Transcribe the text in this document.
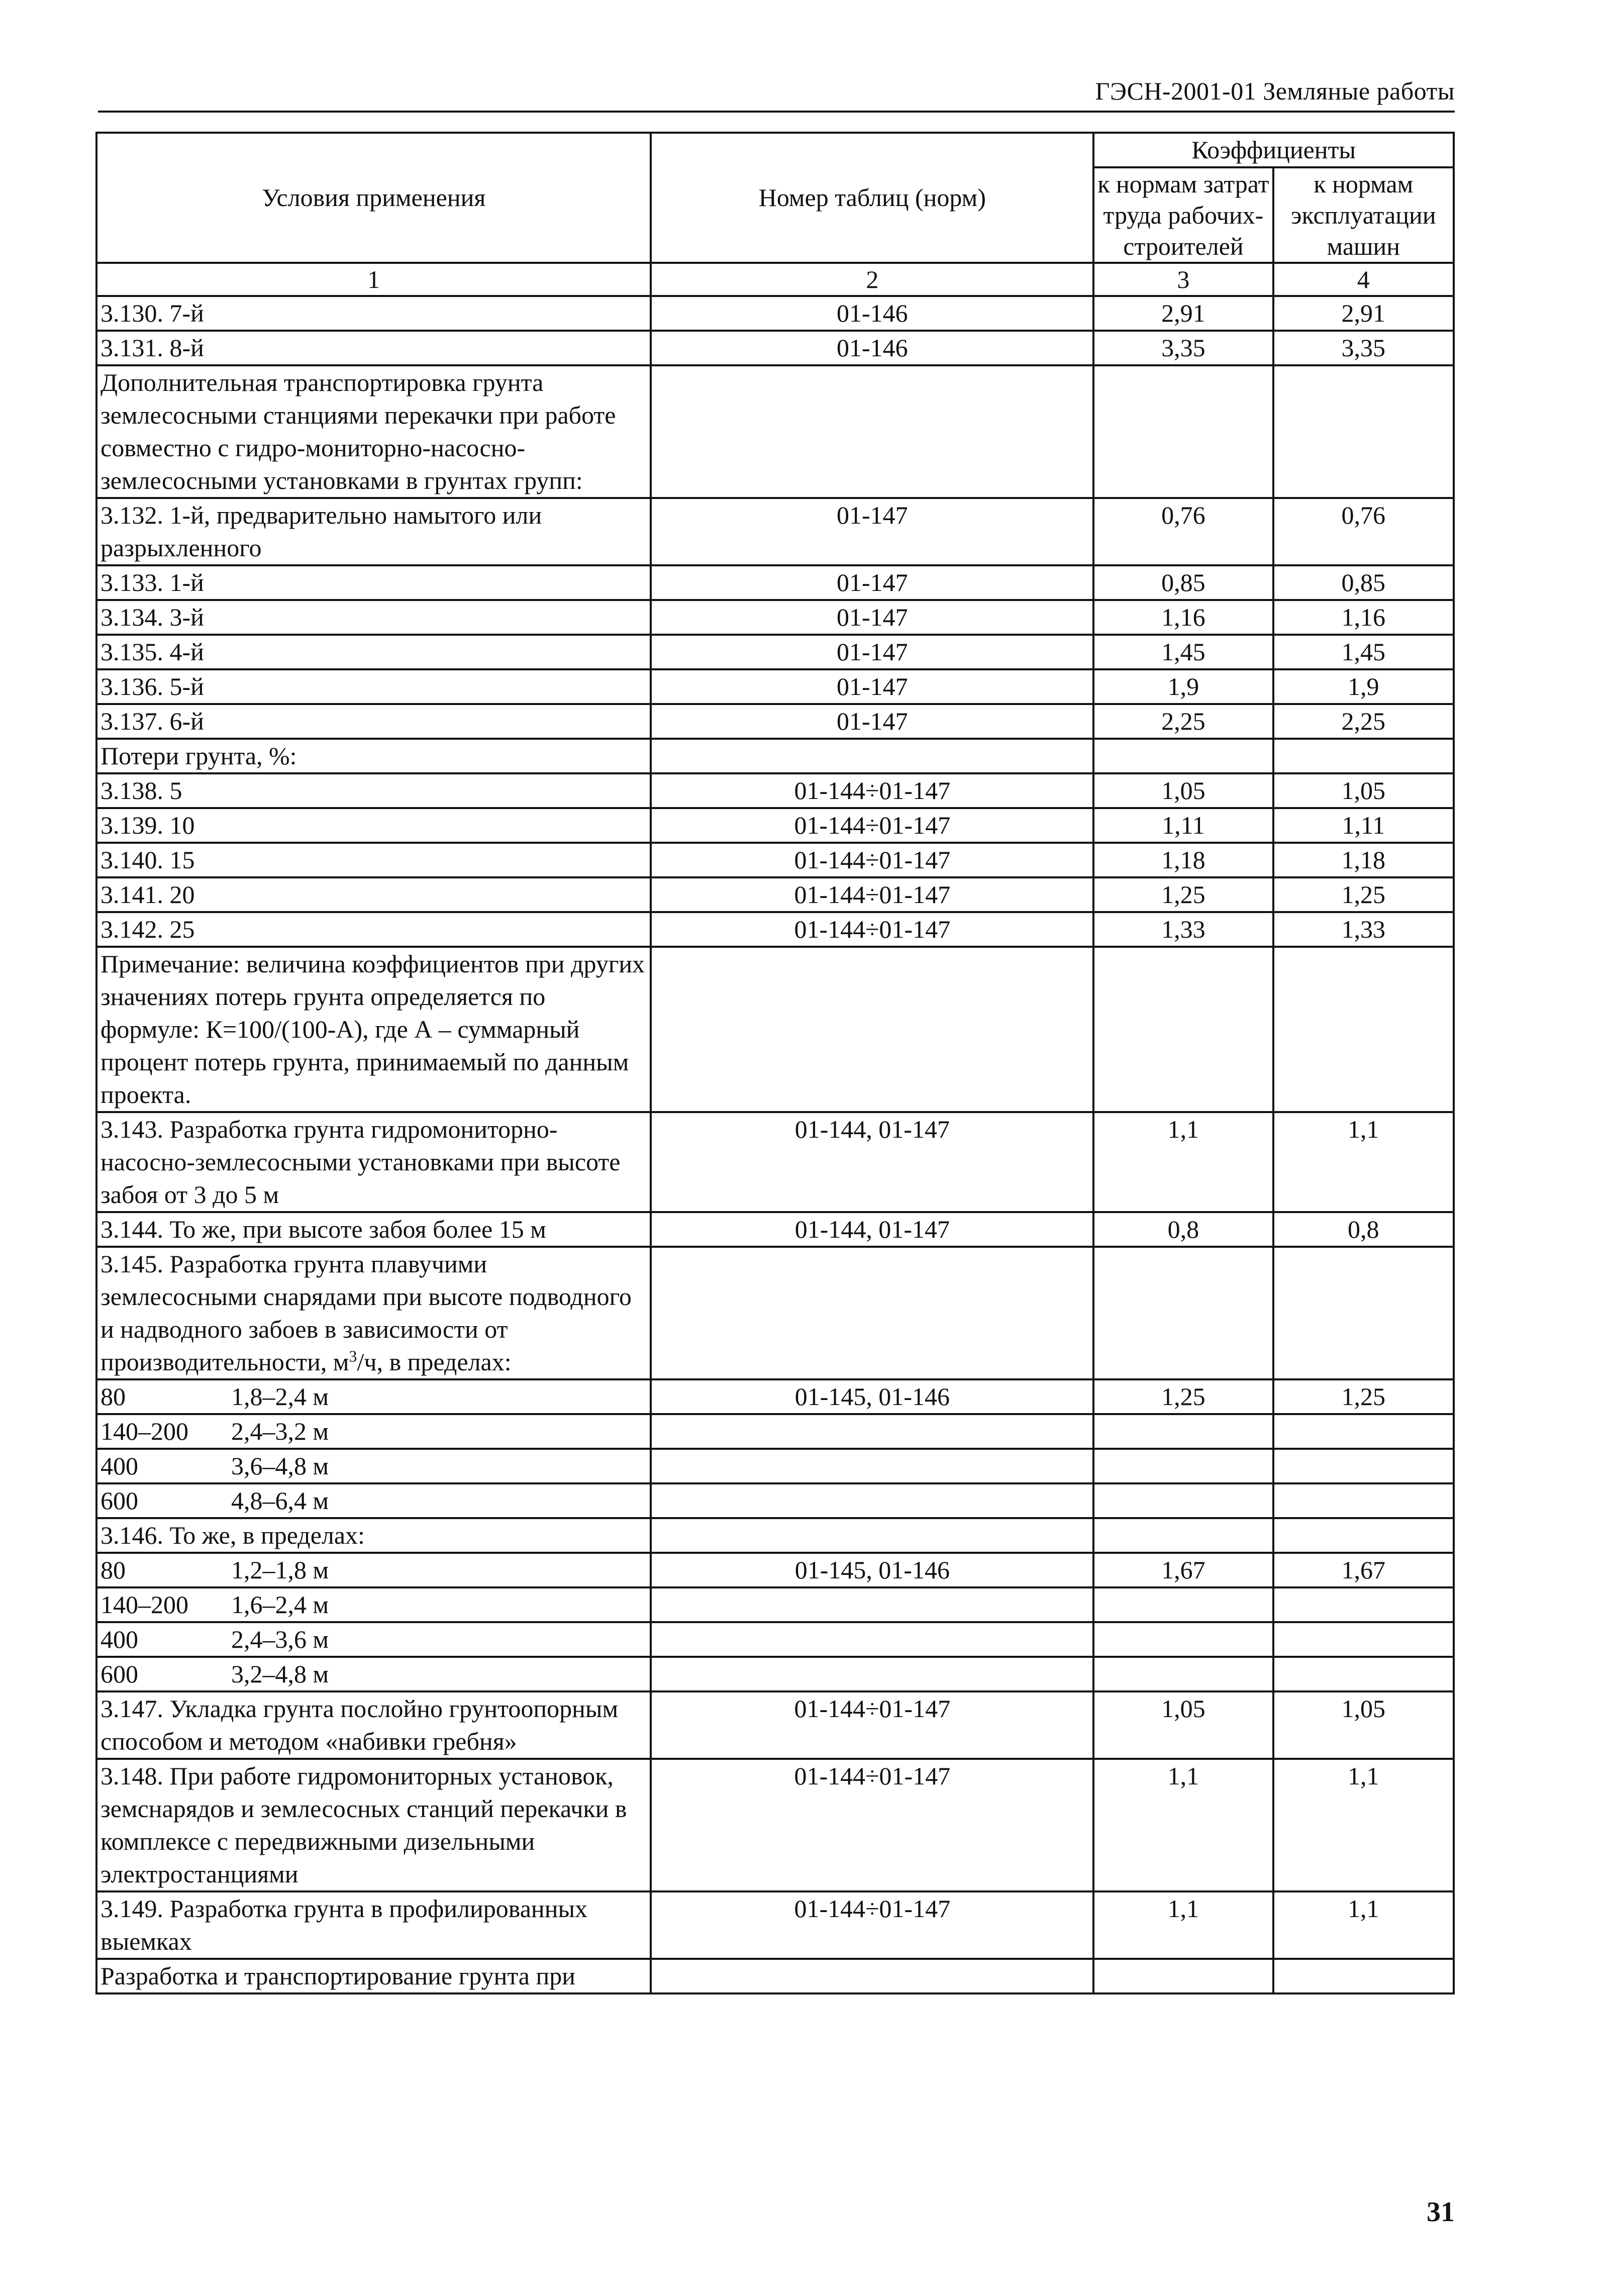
ГЭСН-2001-01 Земляные работы
Условия применения	Номер таблиц (норм)	Коэффициенты	
		к нормам затрат труда рабочих-строителей	к нормам эксплуатации машин
1	2	3	4
3.130. 7-й	01-146	2,91	2,91
3.131. 8-й	01-146	3,35	3,35
Дополнительная транспортировка грунта землесосными станциями перекачки при работе совместно с гидро-мониторно-насосно-землесосными установками в грунтах групп:			
3.132. 1-й, предварительно намытого или разрыхленного	01-147	0,76	0,76
3.133. 1-й	01-147	0,85	0,85
3.134. 3-й	01-147	1,16	1,16
3.135. 4-й	01-147	1,45	1,45
3.136. 5-й	01-147	1,9	1,9
3.137. 6-й	01-147	2,25	2,25
Потери грунта, %:			
3.138. 5	01-144÷01-147	1,05	1,05
3.139. 10	01-144÷01-147	1,11	1,11
3.140. 15	01-144÷01-147	1,18	1,18
3.141. 20	01-144÷01-147	1,25	1,25
3.142. 25	01-144÷01-147	1,33	1,33
Примечание: величина коэффициентов при других значениях потерь грунта определяется по формуле: К=100/(100-А), где А – суммарный процент потерь грунта, принимаемый по данным проекта.			
3.143. Разработка грунта гидромониторно-насосно-землесосными установками при высоте забоя от 3 до 5 м	01-144, 01-147	1,1	1,1
3.144. То же, при высоте забоя более 15 м	01-144, 01-147	0,8	0,8
3.145. Разработка грунта плавучими землесосными снарядами при высоте подводного и надводного забоев в зависимости от производительности, $м^3/ч$, в пределах:			
80 1,8–2,4 м	01-145, 01-146	1,25	1,25
140–200 2,4–3,2 м			
400 3,6–4,8 м			
600 4,8–6,4 м			
3.146. То же, в пределах:			
80 1,2–1,8 м	01-145, 01-146	1,67	1,67
140–200 1,6–2,4 м			
400 2,4–3,6 м			
600 3,2–4,8 м			
3.147. Укладка грунта послойно грунтоопорным способом и методом «набивки гребня»	01-144÷01-147	1,05	1,05
3.148. При работе гидромониторных установок, земснарядов и землесосных станций перекачки в комплексе с передвижными дизельными электростанциями	01-144÷01-147	1,1	1,1
3.149. Разработка грунта в профилированных выемках	01-144÷01-147	1,1	1,1
Разработка и транспортирование грунта при			
31
